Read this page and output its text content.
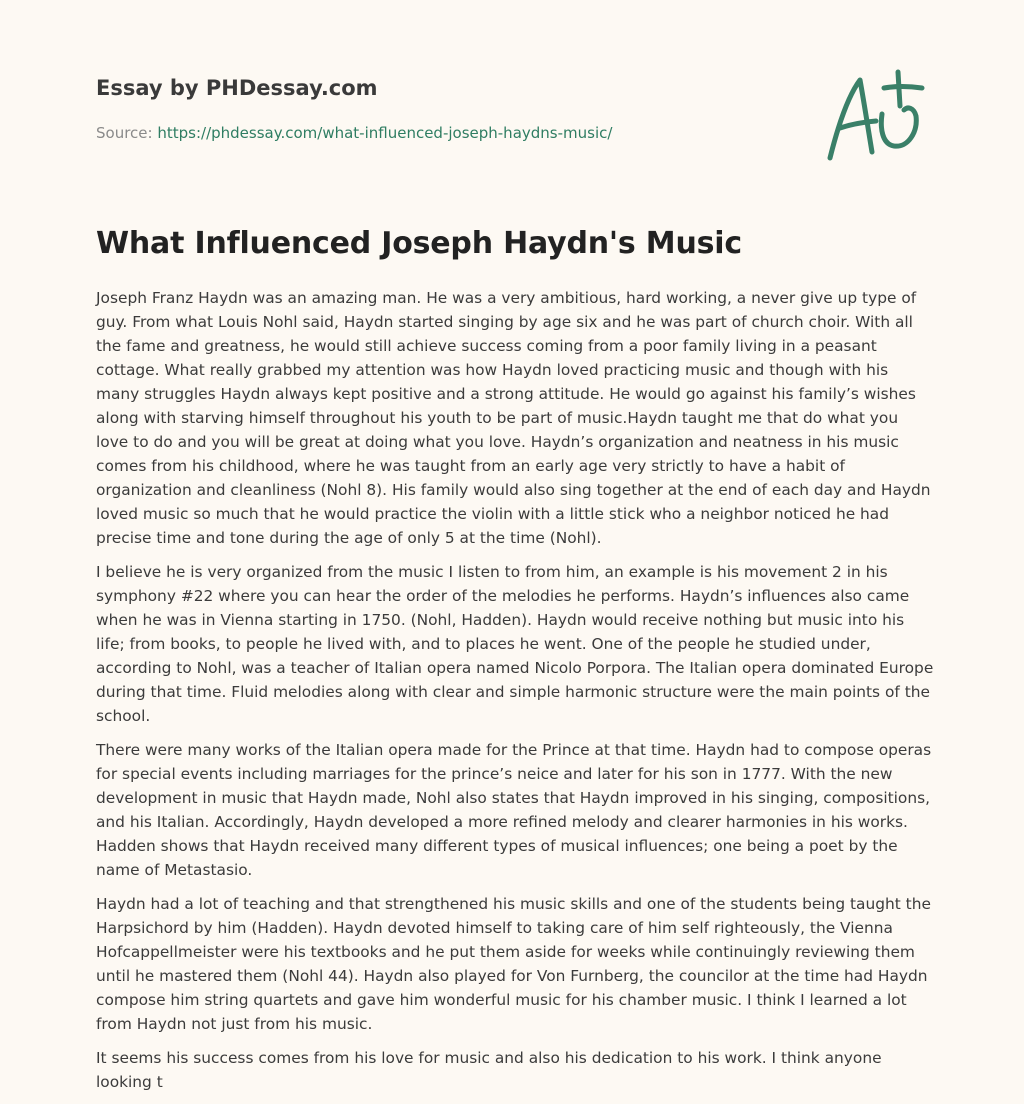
Essay by PHDessay.com
Source: https://phdessay.com/what-influenced-joseph-haydns-music/
What Influenced Joseph Haydn's Music

Joseph Franz Haydn was an amazing man. He was a very ambitious, hard working, a never give up type of guy. From what Louis Nohl said, Haydn started singing by age six and he was part of church choir. With all the fame and greatness, he would still achieve success coming from a poor family living in a peasant cottage. What really grabbed my attention was how Haydn loved practicing music and though with his many struggles Haydn always kept positive and a strong attitude. He would go against his family’s wishes along with starving himself throughout his youth to be part of music.Haydn taught me that do what you love to do and you will be great at doing what you love. Haydn’s organization and neatness in his music comes from his childhood, where he was taught from an early age very strictly to have a habit of organization and cleanliness (Nohl 8). His family would also sing together at the end of each day and Haydn loved music so much that he would practice the violin with a little stick who a neighbor noticed he had precise time and tone during the age of only 5 at the time (Nohl).

I believe he is very organized from the music I listen to from him, an example is his movement 2 in his symphony #22 where you can hear the order of the melodies he performs. Haydn’s influences also came when he was in Vienna starting in 1750. (Nohl, Hadden). Haydn would receive nothing but music into his life; from books, to people he lived with, and to places he went. One of the people he studied under, according to Nohl, was a teacher of Italian opera named Nicolo Porpora. The Italian opera dominated Europe during that time. Fluid melodies along with clear and simple harmonic structure were the main points of the school.

There were many works of the Italian opera made for the Prince at that time. Haydn had to compose operas for special events including marriages for the prince’s neice and later for his son in 1777. With the new development in music that Haydn made, Nohl also states that Haydn improved in his singing, compositions, and his Italian. Accordingly, Haydn developed a more refined melody and clearer harmonies in his works. Hadden shows that Haydn received many different types of musical influences; one being a poet by the name of Metastasio.

Haydn had a lot of teaching and that strengthened his music skills and one of the students being taught the Harpsichord by him (Hadden). Haydn devoted himself to taking care of him self righteously, the Vienna Hofcappellmeister were his textbooks and he put them aside for weeks while continuingly reviewing them until he mastered them (Nohl 44). Haydn also played for Von Furnberg, the councilor at the time had Haydn compose him string quartets and gave him wonderful music for his chamber music. I think I learned a lot from Haydn not just from his music.

It seems his success comes from his love for music and also his dedication to his work. I think anyone looking t
